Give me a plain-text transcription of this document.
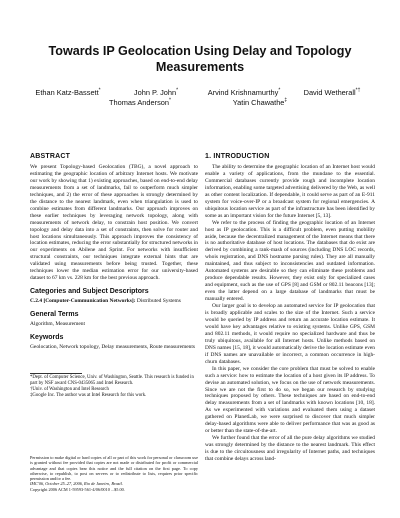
Towards IP Geolocation Using Delay and Topology Measurements
Ethan Katz-Bassett*	John P. John*	Arvind Krishnamurthy*	David Wetherall*†
Thomas Anderson*	Yatin Chawathe‡
ABSTRACT

We present Topology-based Geolocation (TBG), a novel approach to estimating the geographic location of arbitrary Internet hosts. We motivate our work by showing that 1) existing approaches, based on end-to-end delay measurements from a set of landmarks, fail to outperform much simpler techniques, and 2) the error of these approaches is strongly determined by the distance to the nearest landmark, even when triangulation is used to combine estimates from different landmarks. Our approach improves on these earlier techniques by leveraging network topology, along with measurements of network delay, to constrain host position. We convert topology and delay data into a set of constraints, then solve for router and host locations simultaneously. This approach improves the consistency of location estimates, reducing the error substantially for structured networks in our experiments on Abilene and Sprint. For networks with insufficient structural constraints, our techniques integrate external hints that are validated using measurements before being trusted. Together, these techniques lower the median estimation error for our university-based dataset to 67 km vs. 228 km for the best previous approach.

Categories and Subject Descriptors

C.2.4 [Computer-Communication Networks]: Distributed Systems

General Terms

Algorithm, Measurement

Keywords

Geolocation, Network topology, Delay measurements, Route measurements

*Dept. of Computer Science, Univ. of Washington, Seattle. This research is funded in part by NSF award CNS-0435065 and Intel Research.

†Univ. of Washington and Intel Research

‡Google Inc. The author was at Intel Research for this work.

Permission to make digital or hard copies of all or part of this work for personal or classroom use is granted without fee provided that copies are not made or distributed for profit or commercial advantage and that copies bear this notice and the full citation on the first page. To copy otherwise, to republish, to post on servers or to redistribute to lists, requires prior specific permission and/or a fee.

IMC'06, October 25–27, 2006, Rio de Janeiro, Brazil.

Copyright 2006 ACM 1-59593-561-4/06/0010 ...$5.00.

1. INTRODUCTION

The ability to determine the geographic location of an Internet host would enable a variety of applications, from the mundane to the essential. Commercial databases currently provide rough and incomplete location information, enabling some targeted advertising delivered by the Web, as well as other content localization. If dependable, it could serve as part of an E-911 system for voice-over-IP or a broadcast system for regional emergencies. A ubiquitous location service as part of the infrastructure has been identified by some as an important vision for the future Internet [5, 13].

We refer to the process of finding the geographic location of an Internet host as IP geolocation. This is a difficult problem, even putting mobility aside, because the decentralized management of the Internet means that there is no authoritative database of host locations. The databases that do exist are derived by combining a rank-mash of sources (including DNS LOC records, whois registration, and DNS hostname parsing rules). They are all manually maintained, and thus subject to inconsistencies and outdated information. Automated systems are desirable so they can eliminate these problems and produce dependable results. However, they exist only for specialized cases and equipment, such as the use of GPS [8] and GSM or 802.11 beacons [13]; even the latter depend on a large database of landmarks that must be manually entered.

Our larger goal is to develop an automated service for IP geolocation that is broadly applicable and scales to the size of the Internet. Such a service would be queried by IP address and return an accurate location estimate. It would have key advantages relative to existing systems. Unlike GPS, GSM and 802.11 methods, it would require no specialized hardware and thus be truly ubiquitous, available for all Internet hosts. Unlike methods based on DNS names [15, 18], it would automatically derive the location estimate even if DNS names are unavailable or incorrect, a common occurrence in high-churn databases.

In this paper, we consider the core problem that must be solved to enable such a service: how to estimate the location of a host given its IP address. To devise an automated solution, we focus on the use of network measurements. Since we are not the first to do so, we began our research by studying techniques proposed by others. These techniques are based on end-to-end delay measurements from a set of landmarks with known locations [10, 18]. As we experimented with variations and evaluated them using a dataset gathered on PlanetLab, we were surprised to discover that much simpler delay-based algorithms were able to deliver performance that was as good as or better than the state-of-the-art.

We further found that the error of all the pure delay algorithms we studied was strongly determined by the distance to the nearest landmark. This effect is due to the circuitousness and irregularity of Internet paths, and techniques that combine delays across land-
